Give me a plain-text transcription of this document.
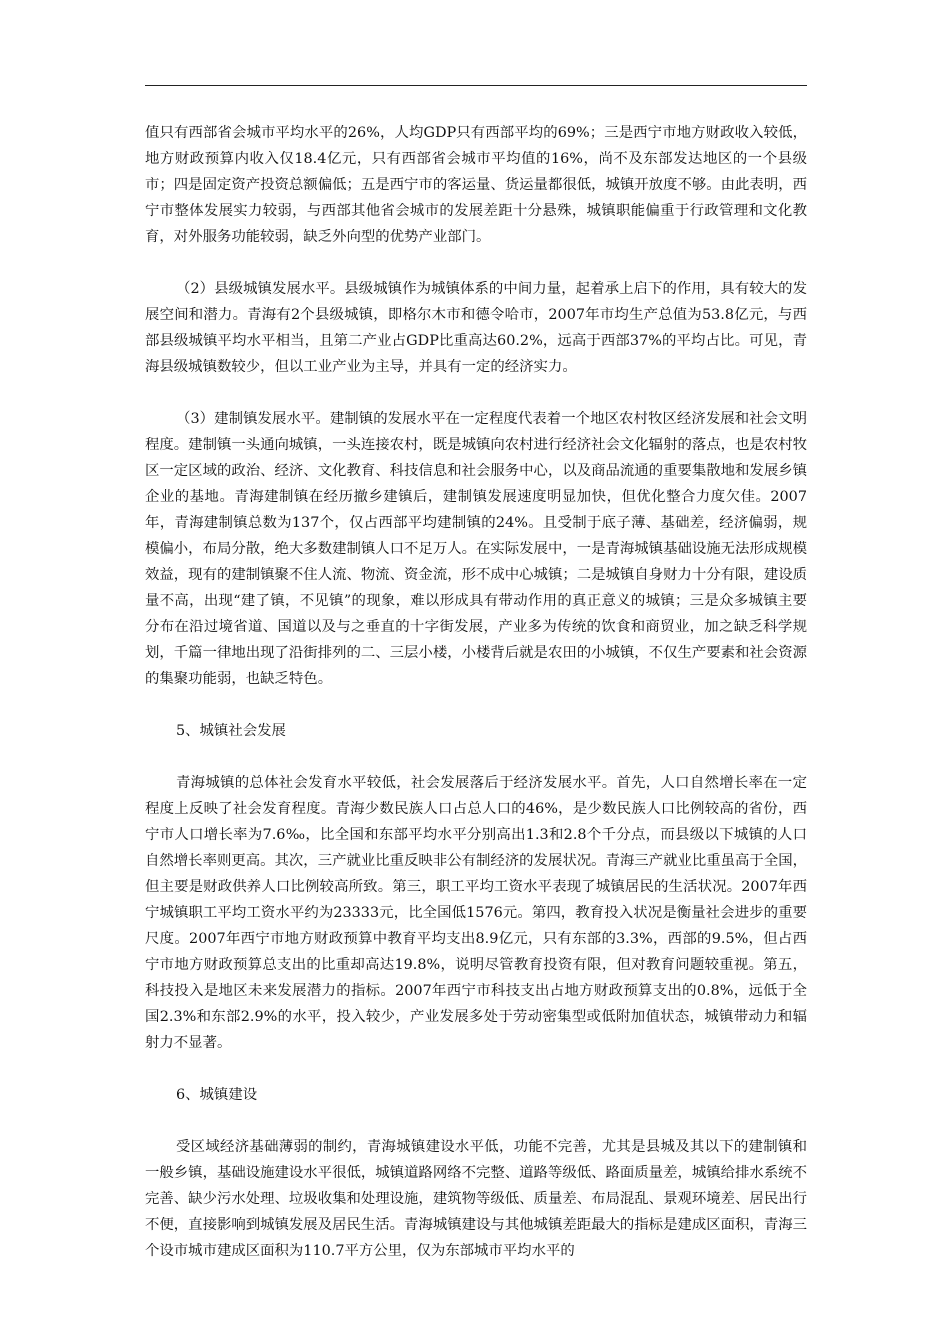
值只有西部省会城市平均水平的26%，人均GDP只有西部平均的69%；三是西宁市地方财政收入较低，地方财政预算内收入仅18.4亿元，只有西部省会城市平均值的16%，尚不及东部发达地区的一个县级市；四是固定资产投资总额偏低；五是西宁市的客运量、货运量都很低，城镇开放度不够。由此表明，西宁市整体发展实力较弱，与西部其他省会城市的发展差距十分悬殊，城镇职能偏重于行政管理和文化教育，对外服务功能较弱，缺乏外向型的优势产业部门。

（2）县级城镇发展水平。县级城镇作为城镇体系的中间力量，起着承上启下的作用，具有较大的发展空间和潜力。青海有2个县级城镇，即格尔木市和德令哈市，2007年市均生产总值为53.8亿元，与西部县级城镇平均水平相当，且第二产业占GDP比重高达60.2%，远高于西部37%的平均占比。可见，青海县级城镇数较少，但以工业产业为主导，并具有一定的经济实力。

（3）建制镇发展水平。建制镇的发展水平在一定程度代表着一个地区农村牧区经济发展和社会文明程度。建制镇一头通向城镇，一头连接农村，既是城镇向农村进行经济社会文化辐射的落点，也是农村牧区一定区域的政治、经济、文化教育、科技信息和社会服务中心，以及商品流通的重要集散地和发展乡镇企业的基地。青海建制镇在经历撤乡建镇后，建制镇发展速度明显加快，但优化整合力度欠佳。2007年，青海建制镇总数为137个，仅占西部平均建制镇的24%。且受制于底子薄、基础差，经济偏弱，规模偏小，布局分散，绝大多数建制镇人口不足万人。在实际发展中，一是青海城镇基础设施无法形成规模效益，现有的建制镇聚不住人流、物流、资金流，形不成中心城镇；二是城镇自身财力十分有限，建设质量不高，出现“建了镇，不见镇”的现象，难以形成具有带动作用的真正意义的城镇；三是众多城镇主要分布在沿过境省道、国道以及与之垂直的十字街发展，产业多为传统的饮食和商贸业，加之缺乏科学规划，千篇一律地出现了沿街排列的二、三层小楼，小楼背后就是农田的小城镇，不仅生产要素和社会资源的集聚功能弱，也缺乏特色。

5、城镇社会发展

青海城镇的总体社会发育水平较低，社会发展落后于经济发展水平。首先，人口自然增长率在一定程度上反映了社会发育程度。青海少数民族人口占总人口的46%，是少数民族人口比例较高的省份，西宁市人口增长率为7.6‰，比全国和东部平均水平分别高出1.3和2.8个千分点，而县级以下城镇的人口自然增长率则更高。其次，三产就业比重反映非公有制经济的发展状况。青海三产就业比重虽高于全国，但主要是财政供养人口比例较高所致。第三，职工平均工资水平表现了城镇居民的生活状况。2007年西宁城镇职工平均工资水平约为23333元，比全国低1576元。第四，教育投入状况是衡量社会进步的重要尺度。2007年西宁市地方财政预算中教育平均支出8.9亿元，只有东部的3.3%，西部的9.5%，但占西宁市地方财政预算总支出的比重却高达19.8%，说明尽管教育投资有限，但对教育问题较重视。第五，科技投入是地区未来发展潜力的指标。2007年西宁市科技支出占地方财政预算支出的0.8%，远低于全国2.3%和东部2.9%的水平，投入较少，产业发展多处于劳动密集型或低附加值状态，城镇带动力和辐射力不显著。

6、城镇建设

受区域经济基础薄弱的制约，青海城镇建设水平低，功能不完善，尤其是县城及其以下的建制镇和一般乡镇，基础设施建设水平很低，城镇道路网络不完整、道路等级低、路面质量差，城镇给排水系统不完善、缺少污水处理、垃圾收集和处理设施，建筑物等级低、质量差、布局混乱、景观环境差、居民出行不便，直接影响到城镇发展及居民生活。青海城镇建设与其他城镇差距最大的指标是建成区面积，青海三个设市城市建成区面积为110.7平方公里，仅为东部城市平均水平的
